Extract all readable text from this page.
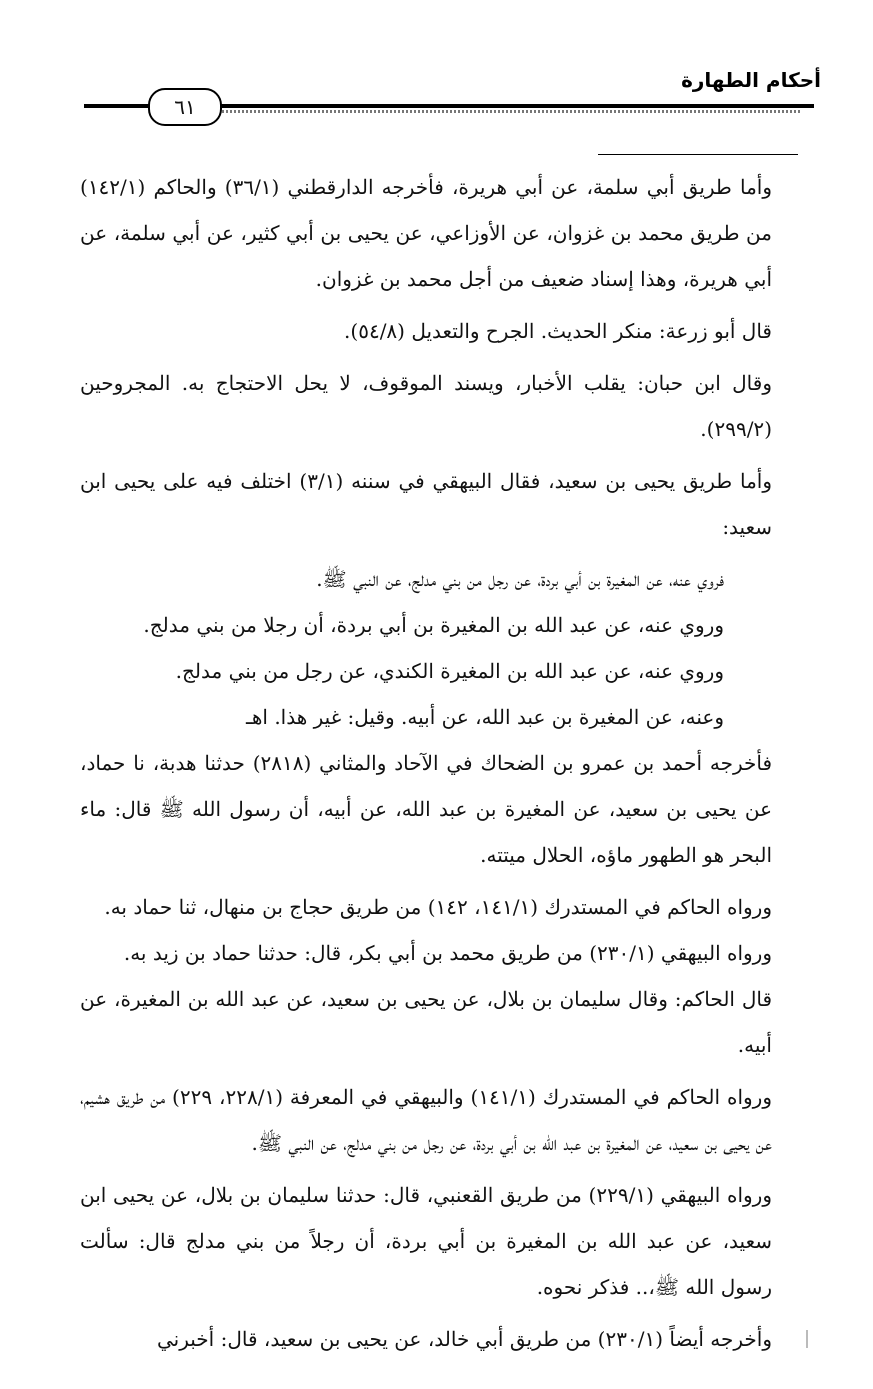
أحكام الطهارة
٦١

وأما طريق أبي سلمة، عن أبي هريرة، فأخرجه الدارقطني (٣٦/١) والحاكم (١٤٢/١) من طريق محمد بن غزوان، عن الأوزاعي، عن يحيى بن أبي كثير، عن أبي سلمة، عن أبي هريرة، وهذا إسناد ضعيف من أجل محمد بن غزوان.

قال أبو زرعة: منكر الحديث. الجرح والتعديل (٥٤/٨).

وقال ابن حبان: يقلب الأخبار، ويسند الموقوف، لا يحل الاحتجاج به. المجروحين (٢٩٩/٢).

وأما طريق يحيى بن سعيد، فقال البيهقي في سننه (٣/١) اختلف فيه على يحيى ابن سعيد:

فروي عنه، عن المغيرة بن أبي بردة، عن رجل من بني مدلج، عن النبي ﷺ.

وروي عنه، عن عبد الله بن المغيرة بن أبي بردة، أن رجلا من بني مدلج.

وروي عنه، عن عبد الله بن المغيرة الكندي، عن رجل من بني مدلج.

وعنه، عن المغيرة بن عبد الله، عن أبيه. وقيل: غير هذا. اهـ

فأخرجه أحمد بن عمرو بن الضحاك في الآحاد والمثاني (٢٨١٨) حدثنا هدبة، نا حماد، عن يحيى بن سعيد، عن المغيرة بن عبد الله، عن أبيه، أن رسول الله ﷺ قال: ماء البحر هو الطهور ماؤه، الحلال ميتته.

ورواه الحاكم في المستدرك (١٤١/١، ١٤٢) من طريق حجاج بن منهال، ثنا حماد به.

ورواه البيهقي (٢٣٠/١) من طريق محمد بن أبي بكر، قال: حدثنا حماد بن زيد به.

قال الحاكم: وقال سليمان بن بلال، عن يحيى بن سعيد، عن عبد الله بن المغيرة، عن أبيه.

ورواه الحاكم في المستدرك (١٤١/١) والبيهقي في المعرفة (٢٢٨/١، ٢٢٩) من طريق هشيم، عن يحيى بن سعيد، عن المغيرة بن عبد الله بن أبي بردة، عن رجل من بني مدلج، عن النبي ﷺ.

ورواه البيهقي (٢٢٩/١) من طريق القعنبي، قال: حدثنا سليمان بن بلال، عن يحيى ابن سعيد، عن عبد الله بن المغيرة بن أبي بردة، أن رجلاً من بني مدلج قال: سألت رسول الله ﷺ،.. فذكر نحوه.

وأخرجه أيضاً (٢٣٠/١) من طريق أبي خالد، عن يحيى بن سعيد، قال: أخبرني
